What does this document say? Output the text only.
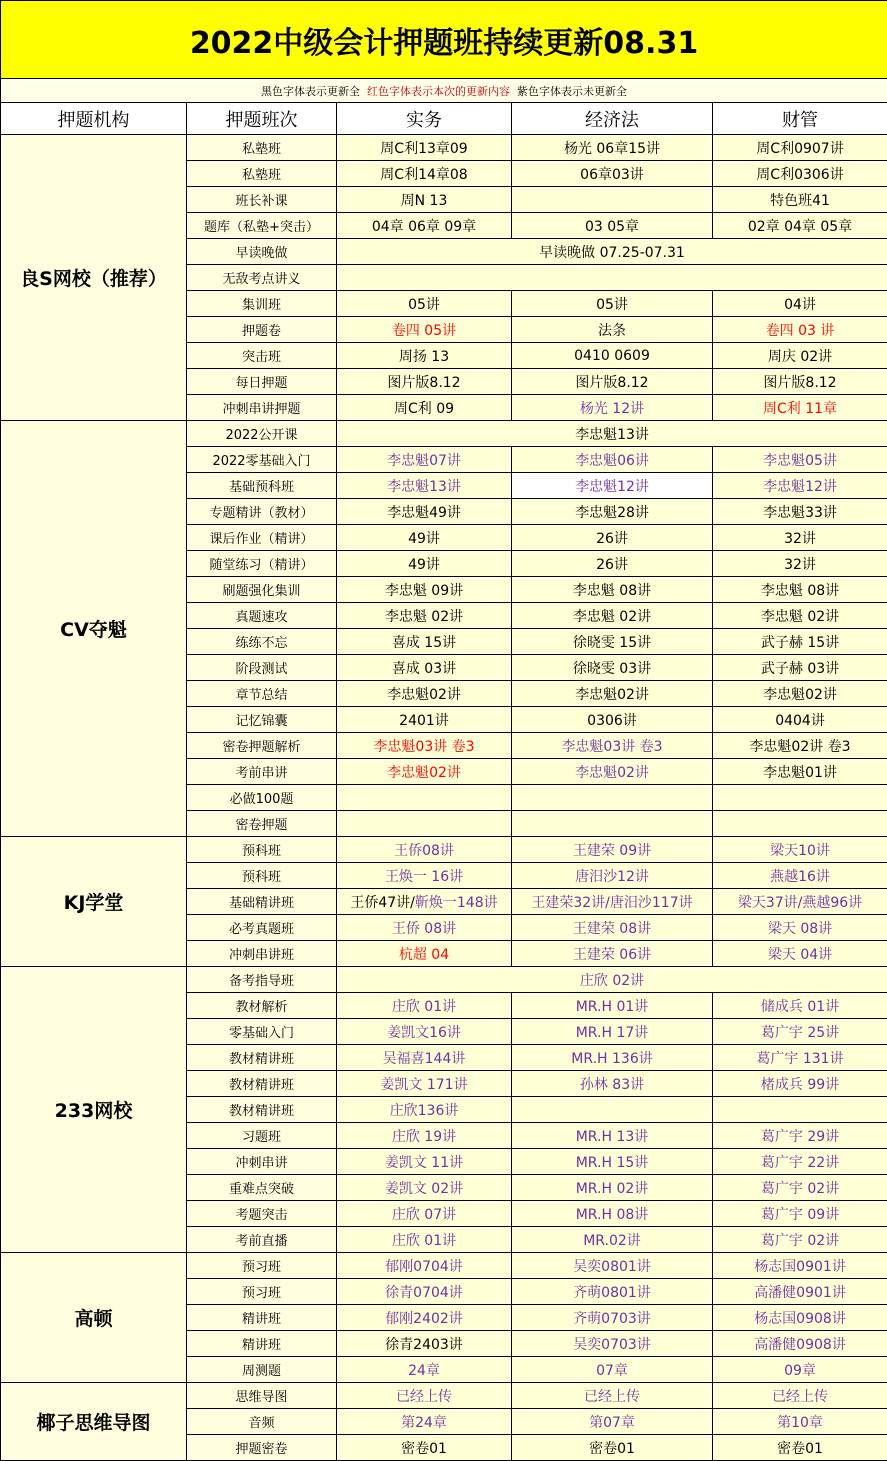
2022中级会计押题班持续更新08.31				
黑色字体表示更新全 红色字体表示本次的更新内容 紫色字体表示未更新全				
押题机构	押题班次	实务	经济法	财管
良S网校（推荐）	私塾班	周C利13章09	杨光 06章15讲	周C利0907讲
	私塾班	周C利14章08	06章03讲	周C利0306讲
	班长补课	周N 13		特色班41
	题库（私塾+突击）	04章 06章 09章	03 05章	02章 04章 05章
	早读晚做	早读晚做 07.25-07.31		
	无敌考点讲义			
	集训班	05讲	05讲	04讲
	押题卷	卷四 05讲	法条	卷四 03 讲
	突击班	周扬 13	0410 0609	周庆 02讲
	每日押题	图片版8.12	图片版8.12	图片版8.12
	冲刺串讲押题	周C利 09	杨光 12讲	周C利 11章
CV夺魁	2022公开课	李忠魁13讲		
	2022零基础入门	李忠魁07讲	李忠魁06讲	李忠魁05讲
	基础预科班	李忠魁13讲	李忠魁12讲	李忠魁12讲
	专题精讲（教材）	李忠魁49讲	李忠魁28讲	李忠魁33讲
	课后作业（精讲）	49讲	26讲	32讲
	随堂练习（精讲）	49讲	26讲	32讲
	刷题强化集训	李忠魁 09讲	李忠魁 08讲	李忠魁 08讲
	真题速攻	李忠魁 02讲	李忠魁 02讲	李忠魁 02讲
	练练不忘	喜成 15讲	徐晓雯 15讲	武子赫 15讲
	阶段测试	喜成 03讲	徐晓雯 03讲	武子赫 03讲
	章节总结	李忠魁02讲	李忠魁02讲	李忠魁02讲
	记忆锦囊	2401讲	0306讲	0404讲
	密卷押题解析	李忠魁03讲 卷3	李忠魁03讲 卷3	李忠魁02讲 卷3
	考前串讲	李忠魁02讲	李忠魁02讲	李忠魁01讲
	必做100题			
	密卷押题			
KJ学堂	预科班	王侨08讲	王建荣 09讲	梁天10讲
	预科班	王焕一 16讲	唐汨沙12讲	燕越16讲
	基础精讲班	王侨47讲/靳焕一148讲	王建荣32讲/唐汨沙117讲	梁天37讲/燕越96讲
	必考真题班	王侨 08讲	王建荣 08讲	梁天 08讲
	冲刺串讲班	杭超 04	王建荣 06讲	梁天 04讲
233网校	备考指导班	庄欣 02讲		
	教材解析	庄欣 01讲	MR.H 01讲	储成兵 01讲
	零基础入门	姜凯文16讲	MR.H 17讲	葛广宇 25讲
	教材精讲班	吴福喜144讲	MR.H 136讲	葛广宇 131讲
	教材精讲班	姜凯文 171讲	孙林 83讲	楮成兵 99讲
	教材精讲班	庄欣136讲		
	习题班	庄欣 19讲	MR.H 13讲	葛广宇 29讲
	冲刺串讲	姜凯文 11讲	MR.H 15讲	葛广宇 22讲
	重难点突破	姜凯文 02讲	MR.H 02讲	葛广宇 02讲
	考题突击	庄欣 07讲	MR.H 08讲	葛广宇 09讲
	考前直播	庄欣 01讲	MR.02讲	葛广宇 02讲
高顿	预习班	郁刚0704讲	吴奕0801讲	杨志国0901讲
	预习班	徐青0704讲	齐萌0801讲	高潘健0901讲
	精讲班	郁刚2402讲	齐萌0703讲	杨志国0908讲
	精讲班	徐青2403讲	吴奕0703讲	高潘健0908讲
	周测题	24章	07章	09章
椰子思维导图	思维导图	已经上传	已经上传	已经上传
	音频	第24章	第07章	第10章
	押题密卷	密卷01	密卷01	密卷01
